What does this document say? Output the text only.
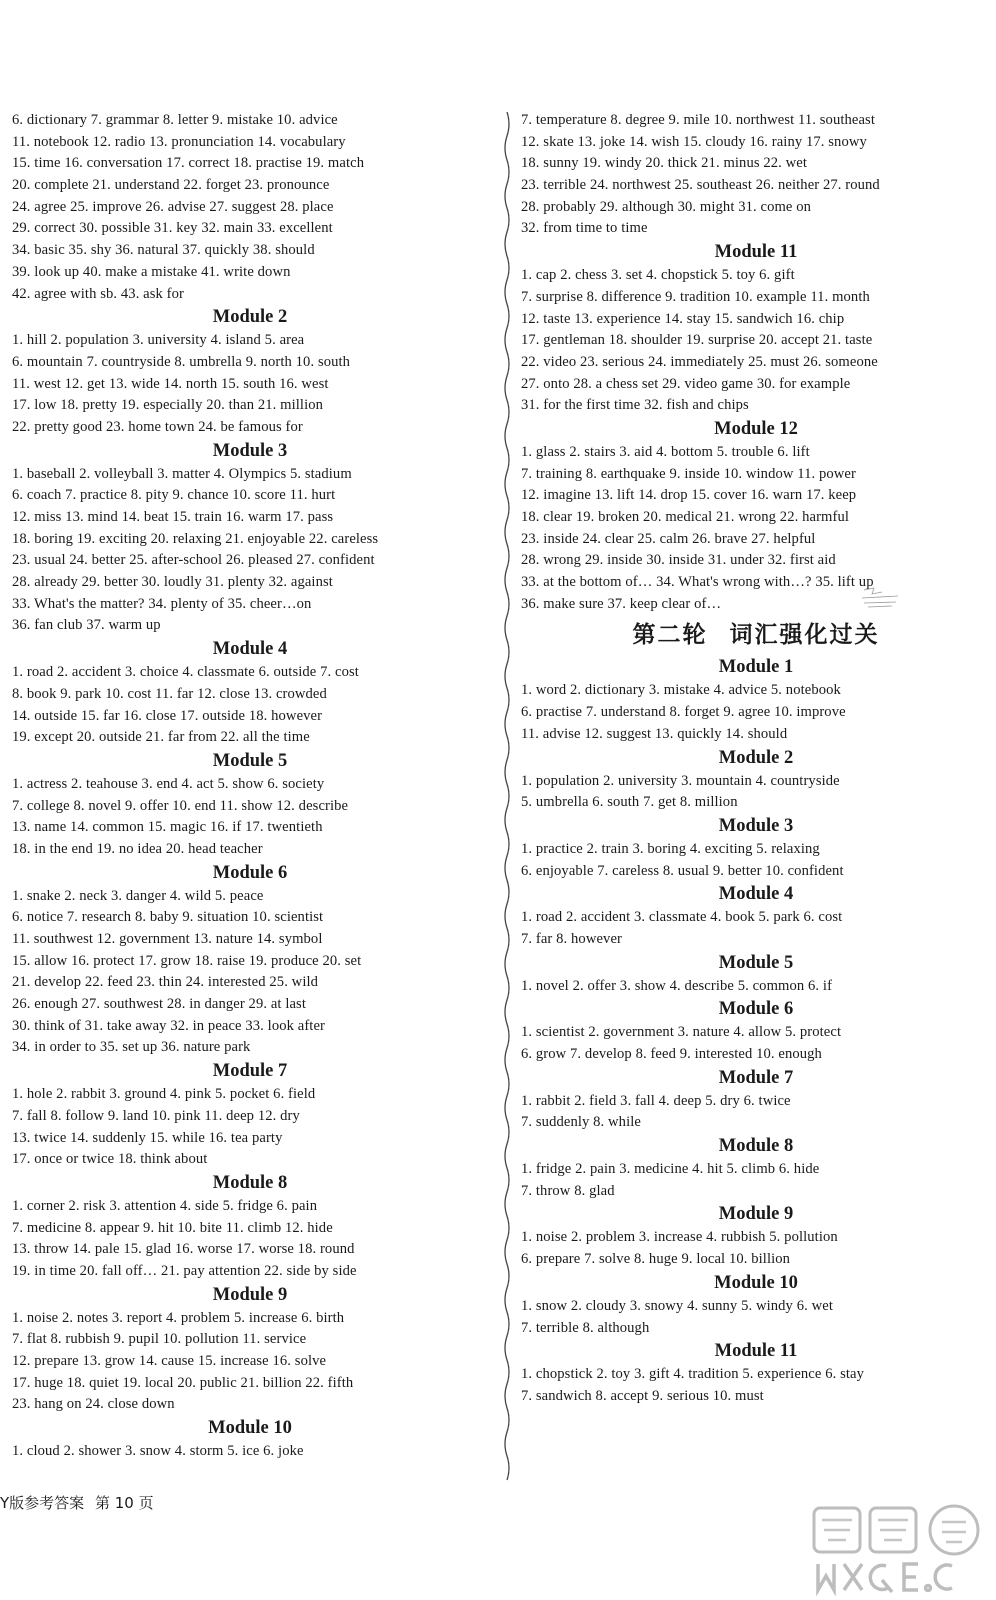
6. dictionary 7. grammar 8. letter 9. mistake 10. advice
11. notebook 12. radio 13. pronunciation 14. vocabulary
15. time 16. conversation 17. correct 18. practise 19. match
20. complete 21. understand 22. forget 23. pronounce
24. agree 25. improve 26. advise 27. suggest 28. place
29. correct 30. possible 31. key 32. main 33. excellent
34. basic 35. shy 36. natural 37. quickly 38. should
39. look up 40. make a mistake 41. write down
42. agree with sb. 43. ask for
Module 2
1. hill 2. population 3. university 4. island 5. area
6. mountain 7. countryside 8. umbrella 9. north 10. south
11. west 12. get 13. wide 14. north 15. south 16. west
17. low 18. pretty 19. especially 20. than 21. million
22. pretty good 23. home town 24. be famous for
Module 3
1. baseball 2. volleyball 3. matter 4. Olympics 5. stadium
6. coach 7. practice 8. pity 9. chance 10. score 11. hurt
12. miss 13. mind 14. beat 15. train 16. warm 17. pass
18. boring 19. exciting 20. relaxing 21. enjoyable 22. careless
23. usual 24. better 25. after-school 26. pleased 27. confident
28. already 29. better 30. loudly 31. plenty 32. against
33. What's the matter? 34. plenty of 35. cheer…on
36. fan club 37. warm up
Module 4
1. road 2. accident 3. choice 4. classmate 6. outside 7. cost
8. book 9. park 10. cost 11. far 12. close 13. crowded
14. outside 15. far 16. close 17. outside 18. however
19. except 20. outside 21. far from 22. all the time
Module 5
1. actress 2. teahouse 3. end 4. act 5. show 6. society
7. college 8. novel 9. offer 10. end 11. show 12. describe
13. name 14. common 15. magic 16. if 17. twentieth
18. in the end 19. no idea 20. head teacher
Module 6
1. snake 2. neck 3. danger 4. wild 5. peace
6. notice 7. research 8. baby 9. situation 10. scientist
11. southwest 12. government 13. nature 14. symbol
15. allow 16. protect 17. grow 18. raise 19. produce 20. set
21. develop 22. feed 23. thin 24. interested 25. wild
26. enough 27. southwest 28. in danger 29. at last
30. think of 31. take away 32. in peace 33. look after
34. in order to 35. set up 36. nature park
Module 7
1. hole 2. rabbit 3. ground 4. pink 5. pocket 6. field
7. fall 8. follow 9. land 10. pink 11. deep 12. dry
13. twice 14. suddenly 15. while 16. tea party
17. once or twice 18. think about
Module 8
1. corner 2. risk 3. attention 4. side 5. fridge 6. pain
7. medicine 8. appear 9. hit 10. bite 11. climb 12. hide
13. throw 14. pale 15. glad 16. worse 17. worse 18. round
19. in time 20. fall off… 21. pay attention 22. side by side
Module 9
1. noise 2. notes 3. report 4. problem 5. increase 6. birth
7. flat 8. rubbish 9. pupil 10. pollution 11. service
12. prepare 13. grow 14. cause 15. increase 16. solve
17. huge 18. quiet 19. local 20. public 21. billion 22. fifth
23. hang on 24. close down
Module 10
1. cloud 2. shower 3. snow 4. storm 5. ice 6. joke
7. temperature 8. degree 9. mile 10. northwest 11. southeast
12. skate 13. joke 14. wish 15. cloudy 16. rainy 17. snowy
18. sunny 19. windy 20. thick 21. minus 22. wet
23. terrible 24. northwest 25. southeast 26. neither 27. round
28. probably 29. although 30. might 31. come on
32. from time to time
Module 11
1. cap 2. chess 3. set 4. chopstick 5. toy 6. gift
7. surprise 8. difference 9. tradition 10. example 11. month
12. taste 13. experience 14. stay 15. sandwich 16. chip
17. gentleman 18. shoulder 19. surprise 20. accept 21. taste
22. video 23. serious 24. immediately 25. must 26. someone
27. onto 28. a chess set 29. video game 30. for example
31. for the first time 32. fish and chips
Module 12
1. glass 2. stairs 3. aid 4. bottom 5. trouble 6. lift
7. training 8. earthquake 9. inside 10. window 11. power
12. imagine 13. lift 14. drop 15. cover 16. warn 17. keep
18. clear 19. broken 20. medical 21. wrong 22. harmful
23. inside 24. clear 25. calm 26. brave 27. helpful
28. wrong 29. inside 30. inside 31. under 32. first aid
33. at the bottom of… 34. What's wrong with…? 35. lift up
36. make sure 37. keep clear of…
第二轮 词汇强化过关
Module 1
1. word 2. dictionary 3. mistake 4. advice 5. notebook
6. practise 7. understand 8. forget 9. agree 10. improve
11. advise 12. suggest 13. quickly 14. should
Module 2
1. population 2. university 3. mountain 4. countryside
5. umbrella 6. south 7. get 8. million
Module 3
1. practice 2. train 3. boring 4. exciting 5. relaxing
6. enjoyable 7. careless 8. usual 9. better 10. confident
Module 4
1. road 2. accident 3. classmate 4. book 5. park 6. cost
7. far 8. however
Module 5
1. novel 2. offer 3. show 4. describe 5. common 6. if
Module 6
1. scientist 2. government 3. nature 4. allow 5. protect
6. grow 7. develop 8. feed 9. interested 10. enough
Module 7
1. rabbit 2. field 3. fall 4. deep 5. dry 6. twice
7. suddenly 8. while
Module 8
1. fridge 2. pain 3. medicine 4. hit 5. climb 6. hide
7. throw 8. glad
Module 9
1. noise 2. problem 3. increase 4. rubbish 5. pollution
6. prepare 7. solve 8. huge 9. local 10. billion
Module 10
1. snow 2. cloudy 3. snowy 4. sunny 5. windy 6. wet
7. terrible 8. although
Module 11
1. chopstick 2. toy 3. gift 4. tradition 5. experience 6. stay
7. sandwich 8. accept 9. serious 10. must
Y版参考答案 第 10 页
